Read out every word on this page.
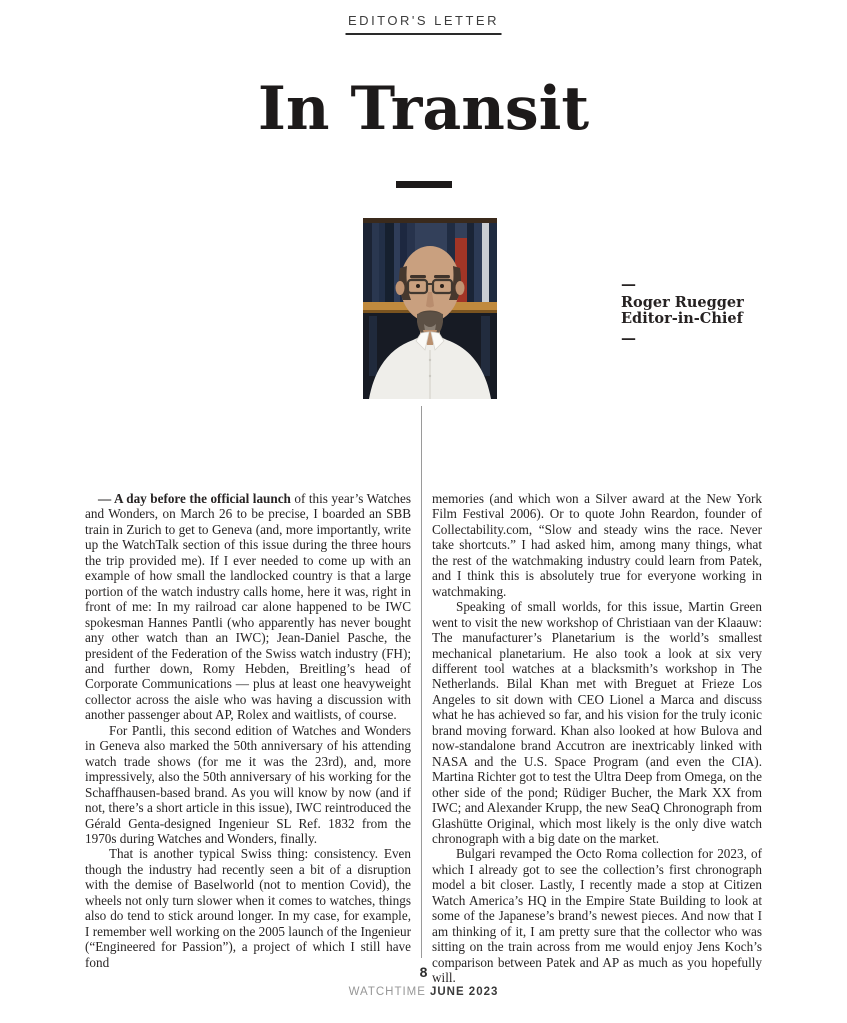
EDITOR'S LETTER
In Transit
—
Roger Ruegger
Editor-in-Chief
—

— A day before the official launch of this year’s Watches and Wonders, on March 26 to be precise, I boarded an SBB train in Zurich to get to Geneva (and, more importantly, write up the WatchTalk section of this issue during the three hours the trip provided me). If I ever needed to come up with an example of how small the landlocked country is that a large portion of the watch industry calls home, here it was, right in front of me: In my railroad car alone happened to be IWC spokesman Hannes Pantli (who apparently has never bought any other watch than an IWC); Jean-Daniel Pasche, the president of the Federation of the Swiss watch industry (FH); and further down, Romy Hebden, Breitling’s head of Corporate Communications — plus at least one heavyweight collector across the aisle who was having a discussion with another passenger about AP, Rolex and waitlists, of course.

For Pantli, this second edition of Watches and Wonders in Geneva also marked the 50th anniversary of his attending watch trade shows (for me it was the 23rd), and, more impressively, also the 50th anniversary of his working for the Schaffhausen-based brand. As you will know by now (and if not, there’s a short article in this issue), IWC reintroduced the Gérald Genta-designed Ingenieur SL Ref. 1832 from the 1970s during Watches and Wonders, finally.

That is another typical Swiss thing: consistency. Even though the industry had recently seen a bit of a disruption with the demise of Baselworld (not to mention Covid), the wheels not only turn slower when it comes to watches, things also do tend to stick around longer. In my case, for example, I remember well working on the 2005 launch of the Ingenieur (“Engineered for Passion”), a project of which I still have fond

memories (and which won a Silver award at the New York Film Festival 2006). Or to quote John Reardon, founder of Collectability.com, “Slow and steady wins the race. Never take shortcuts.” I had asked him, among many things, what the rest of the watchmaking industry could learn from Patek, and I think this is absolutely true for everyone working in watchmaking.

Speaking of small worlds, for this issue, Martin Green went to visit the new workshop of Christiaan van der Klaauw: The manufacturer’s Planetarium is the world’s smallest mechanical planetarium. He also took a look at six very different tool watches at a blacksmith’s workshop in The Netherlands. Bilal Khan met with Breguet at Frieze Los Angeles to sit down with CEO Lionel a Marca and discuss what he has achieved so far, and his vision for the truly iconic brand moving forward. Khan also looked at how Bulova and now-standalone brand Accutron are inextricably linked with NASA and the U.S. Space Program (and even the CIA). Martina Richter got to test the Ultra Deep from Omega, on the other side of the pond; Rüdiger Bucher, the Mark XX from IWC; and Alexander Krupp, the new SeaQ Chronograph from Glashütte Original, which most likely is the only dive watch chronograph with a big date on the market.

Bulgari revamped the Octo Roma collection for 2023, of which I already got to see the collection’s first chronograph model a bit closer. Lastly, I recently made a stop at Citizen Watch America’s HQ in the Empire State Building to look at some of the Japanese’s brand’s newest pieces. And now that I am thinking of it, I am pretty sure that the collector who was sitting on the train across from me would enjoy Jens Koch’s comparison between Patek and AP as much as you hopefully will.

8
WATCHTIME JUNE 2023
